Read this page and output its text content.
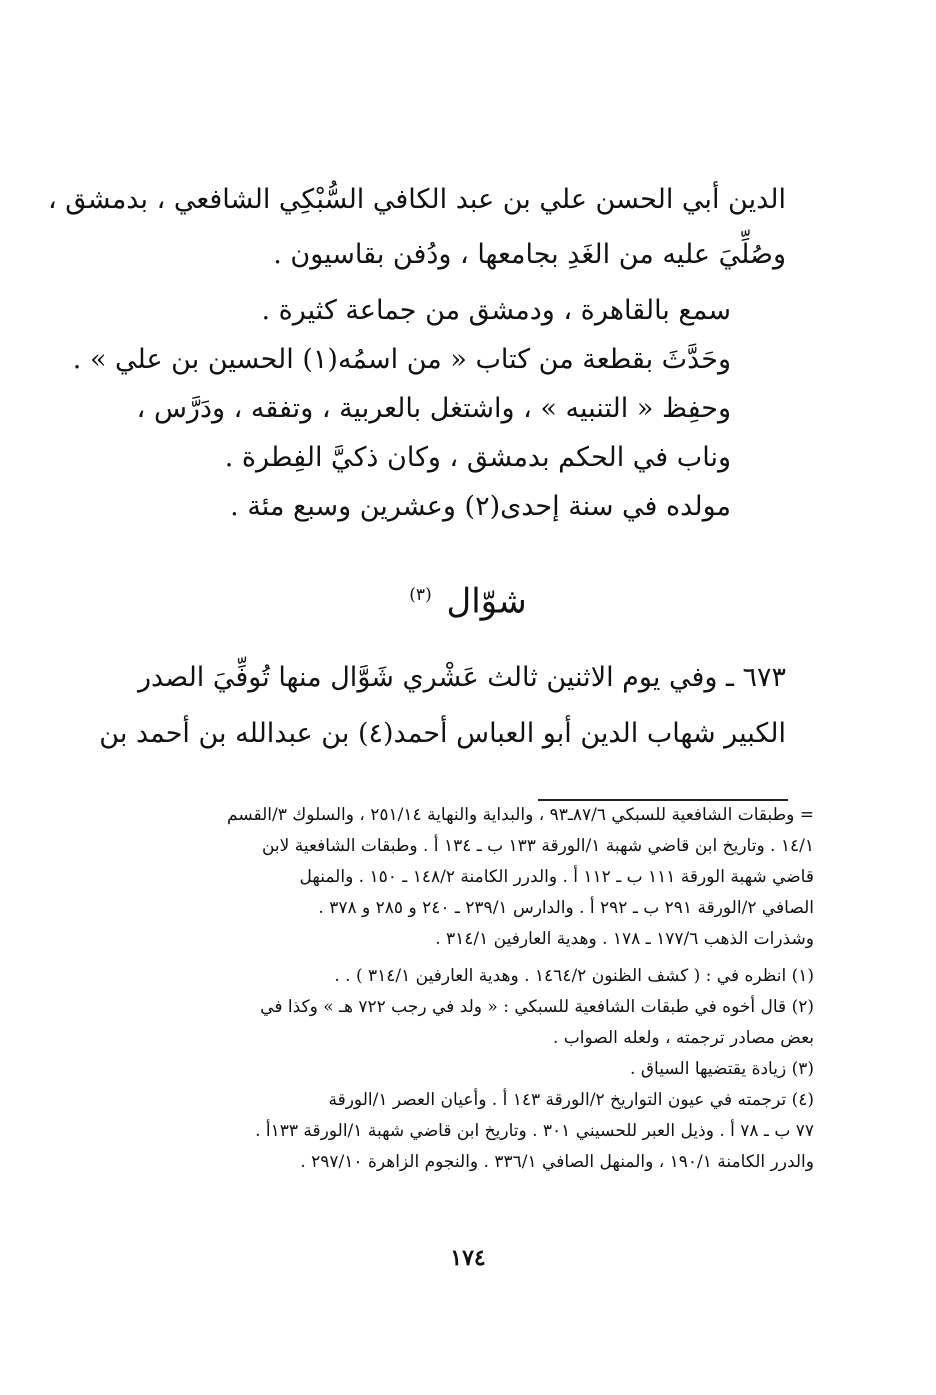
الدين أبي الحسن علي بن عبد الكافي السُّبْكِي الشافعي ، بدمشق ،
وصُلِّيَ عليه من الغَدِ بجامعها ، ودُفن بقاسيون .
سمع بالقاهرة ، ودمشق من جماعة كثيرة .
وحَدَّثَ بقطعة من كتاب « من اسمُه(١) الحسين بن علي » .
وحفِظ « التنبيه » ، واشتغل بالعربية ، وتفقه ، ودَرَّس ،
وناب في الحكم بدمشق ، وكان ذكيَّ الفِطرة .
مولده في سنة إحدى(٢) وعشرين وسبع مئة .
شوّال $^{(٣)}$
٦٧٣ ـ وفي يوم الاثنين ثالث عَشْري شَوَّال منها تُوفِّيَ الصدر
الكبير شهاب الدين أبو العباس أحمد(٤) بن عبدالله بن أحمد بن
= وطبقات الشافعية للسبكي ٨٧/٦ـ٩٣ ، والبداية والنهاية ٢٥١/١٤ ، والسلوك ٣/القسم
١٤/١ . وتاريخ ابن قاضي شهبة ١/الورقة ١٣٣ ب ـ ١٣٤ أ . وطبقات الشافعية لابن
قاضي شهبة الورقة ١١١ ب ـ ١١٢ أ . والدرر الكامنة ١٤٨/٢ ـ ١٥٠ . والمنهل
الصافي ٢/الورقة ٢٩١ ب ـ ٢٩٢ أ . والدارس ٢٣٩/١ ـ ٢٤٠ و ٢٨٥ و ٣٧٨ .
وشذرات الذهب ١٧٧/٦ ـ ١٧٨ . وهدية العارفين ٣١٤/١ .
(١) انظره في : ( كشف الظنون ١٤٦٤/٢ . وهدية العارفين ٣١٤/١ ) . .
(٢) قال أخوه في طبقات الشافعية للسبكي : « ولد في رجب ٧٢٢ هـ » وكذا في
بعض مصادر ترجمته ، ولعله الصواب .
(٣) زيادة يقتضيها السياق .
(٤) ترجمته في عيون التواريخ ٢/الورقة ١٤٣ أ . وأعيان العصر ١/الورقة
٧٧ ب ـ ٧٨ أ . وذيل العبر للحسيني ٣٠١ . وتاريخ ابن قاضي شهبة ١/الورقة ١٣٣أ .
والدرر الكامنة ١٩٠/١ ، والمنهل الصافي ٣٣٦/١ . والنجوم الزاهرة ٢٩٧/١٠ .
١٧٤
